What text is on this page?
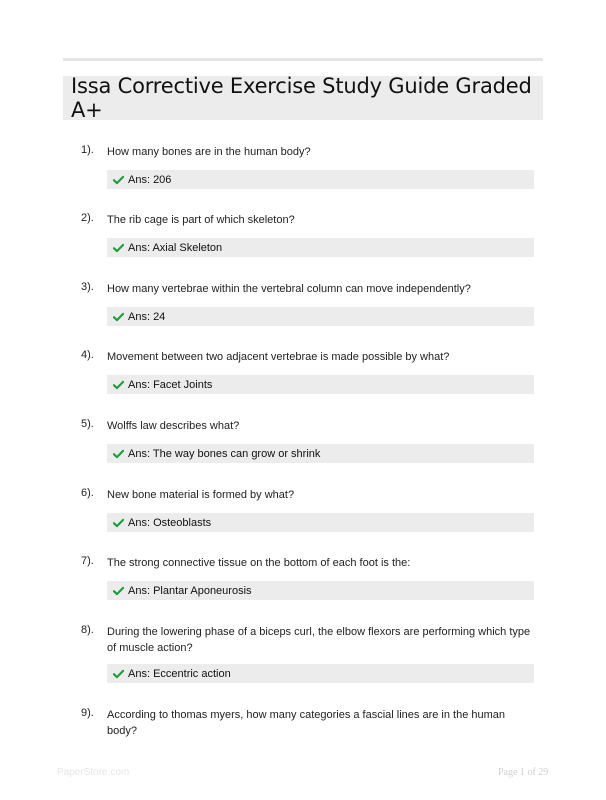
Issa Corrective Exercise Study Guide Graded A+
1). How many bones are in the human body?
Ans: 206
2). The rib cage is part of which skeleton?
Ans: Axial Skeleton
3). How many vertebrae within the vertebral column can move independently?
Ans: 24
4). Movement between two adjacent vertebrae is made possible by what?
Ans: Facet Joints
5). Wolffs law describes what?
Ans: The way bones can grow or shrink
6). New bone material is formed by what?
Ans: Osteoblasts
7). The strong connective tissue on the bottom of each foot is the:
Ans: Plantar Aponeurosis
8). During the lowering phase of a biceps curl, the elbow flexors are performing which type of muscle action?
Ans: Eccentric action
9). According to thomas myers, how many categories a fascial lines are in the human body?
PaperStore.com	Page 1 of 29
